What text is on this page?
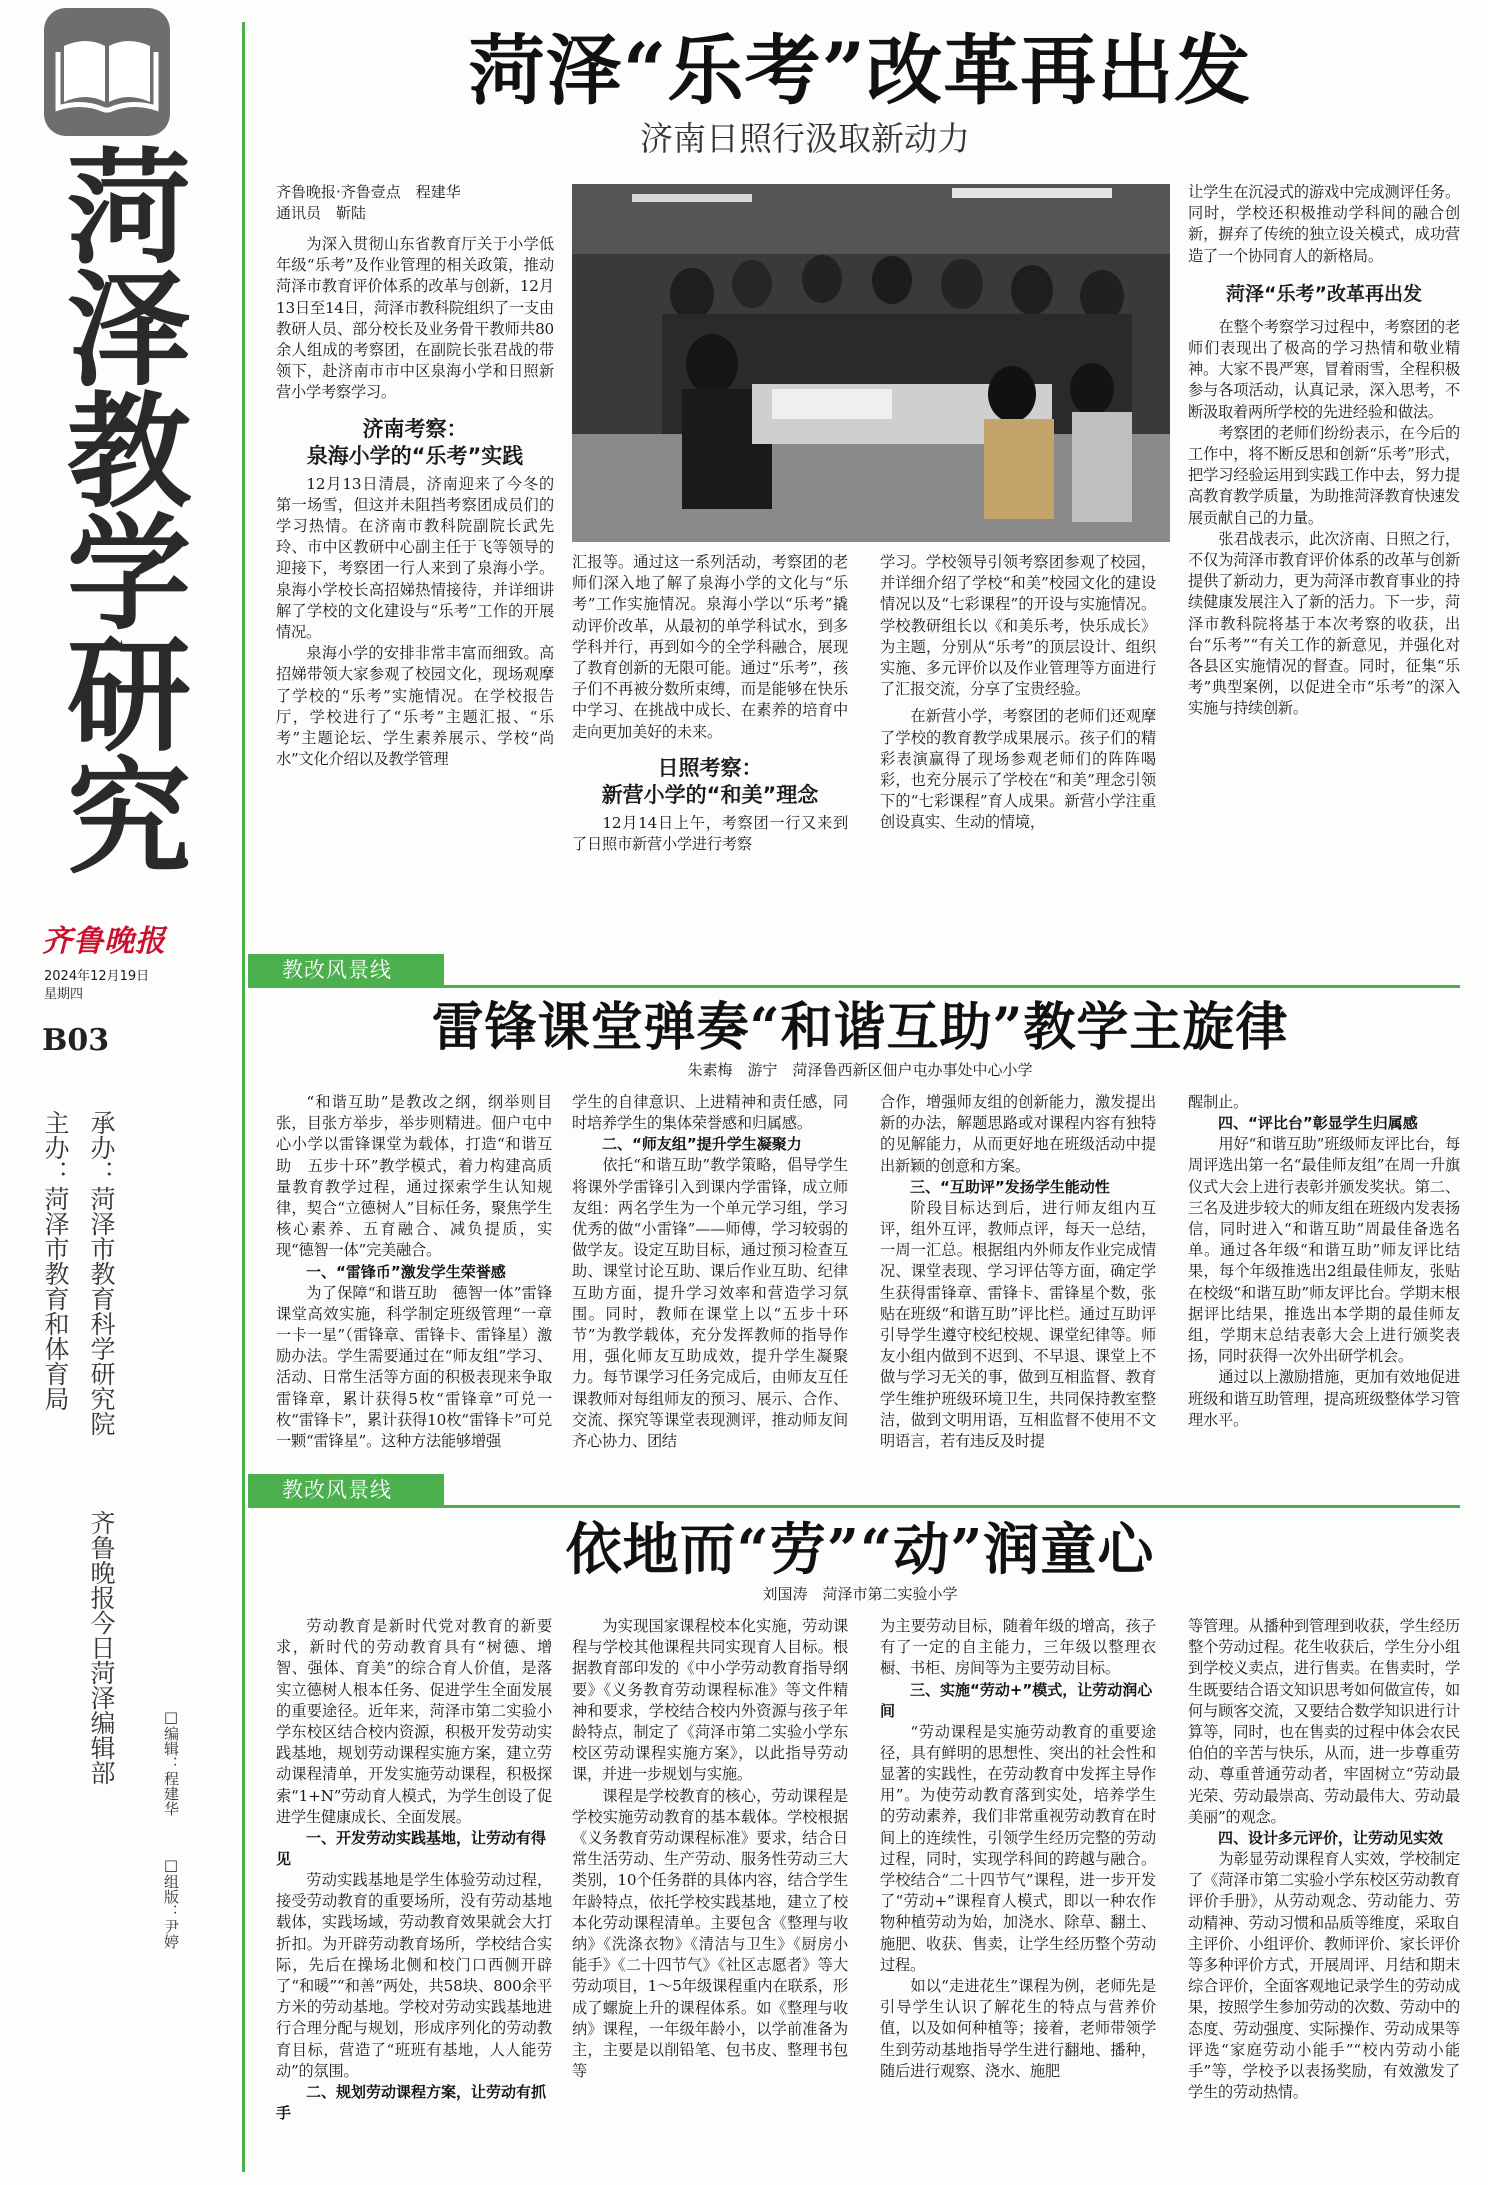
菏泽教学研究
齐鲁晚报
2024年12月19日
星期四
B03
主办：
菏泽市教育和体育局
承办：
菏泽市教育科学研究院
齐鲁晚报今日菏泽编辑部	□编辑：程建华
□组版：尹婷
菏泽“乐考”改革再出发
济南日照行汲取新动力
齐鲁晚报·齐鲁壹点　程建华
通讯员　靳陆

为深入贯彻山东省教育厅关于小学低年级“乐考”及作业管理的相关政策，推动菏泽市教育评价体系的改革与创新，12月13日至14日，菏泽市教科院组织了一支由教研人员、部分校长及业务骨干教师共80余人组成的考察团，在副院长张君战的带领下，赴济南市市中区泉海小学和日照新营小学考察学习。

济南考察：
泉海小学的“乐考”实践

12月13日清晨，济南迎来了今冬的第一场雪，但这并未阻挡考察团成员们的学习热情。在济南市教科院副院长武先玲、市中区教研中心副主任于飞等领导的迎接下，考察团一行人来到了泉海小学。泉海小学校长高招娣热情接待，并详细讲解了学校的文化建设与“乐考”工作的开展情况。

泉海小学的安排非常丰富而细致。高招娣带领大家参观了校园文化，现场观摩了学校的“乐考”实施情况。在学校报告厅，学校进行了“乐考”主题汇报、“乐考”主题论坛、学生素养展示、学校“尚水”文化介绍以及教学管理

汇报等。通过这一系列活动，考察团的老师们深入地了解了泉海小学的文化与“乐考”工作实施情况。泉海小学以“乐考”撬动评价改革，从最初的单学科试水，到多学科并行，再到如今的全学科融合，展现了教育创新的无限可能。通过“乐考”，孩子们不再被分数所束缚，而是能够在快乐中学习、在挑战中成长、在素养的培育中走向更加美好的未来。

日照考察：
新营小学的“和美”理念

12月14日上午，考察团一行又来到了日照市新营小学进行考察

学习。学校领导引领考察团参观了校园，并详细介绍了学校“和美”校园文化的建设情况以及“七彩课程”的开设与实施情况。学校教研组长以《和美乐考，快乐成长》为主题，分别从“乐考”的顶层设计、组织实施、多元评价以及作业管理等方面进行了汇报交流，分享了宝贵经验。

在新营小学，考察团的老师们还观摩了学校的教育教学成果展示。孩子们的精彩表演赢得了现场参观老师们的阵阵喝彩，也充分展示了学校在“和美”理念引领下的“七彩课程”育人成果。新营小学注重创设真实、生动的情境，

让学生在沉浸式的游戏中完成测评任务。同时，学校还积极推动学科间的融合创新，摒弃了传统的独立设关模式，成功营造了一个协同育人的新格局。

菏泽“乐考”改革再出发

在整个考察学习过程中，考察团的老师们表现出了极高的学习热情和敬业精神。大家不畏严寒，冒着雨雪，全程积极参与各项活动，认真记录，深入思考，不断汲取着两所学校的先进经验和做法。

考察团的老师们纷纷表示，在今后的工作中，将不断反思和创新“乐考”形式，把学习经验运用到实践工作中去，努力提高教育教学质量，为助推菏泽教育快速发展贡献自己的力量。

张君战表示，此次济南、日照之行，不仅为菏泽市教育评价体系的改革与创新提供了新动力，更为菏泽市教育事业的持续健康发展注入了新的活力。下一步，菏泽市教科院将基于本次考察的收获，出台“乐考”“有关工作的新意见，并强化对各县区实施情况的督查。同时，征集“乐考”典型案例，以促进全市“乐考”的深入实施与持续创新。

教改风景线
雷锋课堂弹奏“和谐互助”教学主旋律
朱素梅　游宁　菏泽鲁西新区佃户屯办事处中心小学

“和谐互助”是教改之纲，纲举则目张，目张方举步，举步则精进。佃户屯中心小学以雷锋课堂为载体，打造“和谐互助　五步十环”教学模式，着力构建高质量教育教学过程，通过探索学生认知规律，契合“立德树人”目标任务，聚焦学生核心素养、五育融合、减负提质，实现“德智一体”完美融合。

一、“雷锋币”激发学生荣誉感

为了保障“和谐互助　德智一体”雷锋课堂高效实施，科学制定班级管理“一章一卡一星”（雷锋章、雷锋卡、雷锋星）激励办法。学生需要通过在“师友组”学习、活动、日常生活等方面的积极表现来争取雷锋章，累计获得5枚“雷锋章”可兑一枚“雷锋卡”，累计获得10枚“雷锋卡”可兑一颗“雷锋星”。这种方法能够增强

学生的自律意识、上进精神和责任感，同时培养学生的集体荣誉感和归属感。

二、“师友组”提升学生凝聚力

依托“和谐互助”教学策略，倡导学生将课外学雷锋引入到课内学雷锋，成立师友组：两名学生为一个单元学习组，学习优秀的做“小雷锋”——师傅，学习较弱的做学友。设定互助目标，通过预习检查互助、课堂讨论互助、课后作业互助、纪律互助方面，提升学习效率和营造学习氛围。同时，教师在课堂上以“五步十环节”为教学载体，充分发挥教师的指导作用，强化师友互助成效，提升学生凝聚力。每节课学习任务完成后，由师友互任课教师对每组师友的预习、展示、合作、交流、探究等课堂表现测评，推动师友间齐心协力、团结

合作，增强师友组的创新能力，激发提出新的办法，解题思路或对课程内容有独特的见解能力，从而更好地在班级活动中提出新颖的创意和方案。

三、“互助评”发扬学生能动性

阶段目标达到后，进行师友组内互评，组外互评，教师点评，每天一总结，一周一汇总。根据组内外师友作业完成情况、课堂表现、学习评估等方面，确定学生获得雷锋章、雷锋卡、雷锋星个数，张贴在班级“和谐互助”评比栏。通过互助评引导学生遵守校纪校规、课堂纪律等。师友小组内做到不迟到、不早退、课堂上不做与学习无关的事，做到互相监督、教育学生维护班级环境卫生，共同保持教室整洁，做到文明用语，互相监督不使用不文明语言，若有违反及时提

醒制止。

四、“评比台”彰显学生归属感

用好“和谐互助”班级师友评比台，每周评选出第一名“最佳师友组”在周一升旗仪式大会上进行表彰并颁发奖状。第二、三名及进步较大的师友组在班级内发表扬信，同时进入“和谐互助”周最佳备选名单。通过各年级“和谐互助”师友评比结果，每个年级推选出2组最佳师友，张贴在校级“和谐互助”师友评比台。学期末根据评比结果，推选出本学期的最佳师友组，学期末总结表彰大会上进行颁奖表扬，同时获得一次外出研学机会。

通过以上激励措施，更加有效地促进班级和谐互助管理，提高班级整体学习管理水平。

教改风景线
依地而“劳”“动”润童心
刘国涛　菏泽市第二实验小学

劳动教育是新时代党对教育的新要求，新时代的劳动教育具有“树德、增智、强体、育美”的综合育人价值，是落实立德树人根本任务、促进学生全面发展的重要途径。近年来，菏泽市第二实验小学东校区结合校内资源，积极开发劳动实践基地，规划劳动课程实施方案，建立劳动课程清单，开发实施劳动课程，积极探索“1+N”劳动育人模式，为学生创设了促进学生健康成长、全面发展。

一、开发劳动实践基地，让劳动有得见

劳动实践基地是学生体验劳动过程，接受劳动教育的重要场所，没有劳动基地载体，实践场域，劳动教育效果就会大打折扣。为开辟劳动教育场所，学校结合实际，先后在操场北侧和校门口西侧开辟了“和暖”“和善”两处，共58块、800余平方米的劳动基地。学校对劳动实践基地进行合理分配与规划，形成序列化的劳动教育目标，营造了“班班有基地，人人能劳动”的氛围。

二、规划劳动课程方案，让劳动有抓手

为实现国家课程校本化实施，劳动课程与学校其他课程共同实现育人目标。根据教育部印发的《中小学劳动教育指导纲要》《义务教育劳动课程标准》等文件精神和要求，学校结合校内外资源与孩子年龄特点，制定了《菏泽市第二实验小学东校区劳动课程实施方案》，以此指导劳动课，并进一步规划与实施。

课程是学校教育的核心，劳动课程是学校实施劳动教育的基本载体。学校根据《义务教育劳动课程标准》要求，结合日常生活劳动、生产劳动、服务性劳动三大类别，10个任务群的具体内容，结合学生年龄特点，依托学校实践基地，建立了校本化劳动课程清单。主要包含《整理与收纳》《洗涤衣物》《清洁与卫生》《厨房小能手》《二十四节气》《社区志愿者》等大劳动项目，1～5年级课程重内在联系，形成了螺旋上升的课程体系。如《整理与收纳》课程，一年级年龄小，以学前准备为主，主要是以削铅笔、包书皮、整理书包等

为主要劳动目标，随着年级的增高，孩子有了一定的自主能力，三年级以整理衣橱、书柜、房间等为主要劳动目标。

三、实施“劳动+”模式，让劳动润心间

“劳动课程是实施劳动教育的重要途径，具有鲜明的思想性、突出的社会性和显著的实践性，在劳动教育中发挥主导作用”。为使劳动教育落到实处，培养学生的劳动素养，我们非常重视劳动教育在时间上的连续性，引领学生经历完整的劳动过程，同时，实现学科间的跨越与融合。学校结合“二十四节气”课程，进一步开发了“劳动+”课程育人模式，即以一种农作物种植劳动为始，加浇水、除草、翻土、施肥、收获、售卖，让学生经历整个劳动过程。

如以“走进花生”课程为例，老师先是引导学生认识了解花生的特点与营养价值，以及如何种植等；接着，老师带领学生到劳动基地指导学生进行翻地、播种，随后进行观察、浇水、施肥

等管理。从播种到管理到收获，学生经历整个劳动过程。花生收获后，学生分小组到学校义卖点，进行售卖。在售卖时，学生既要结合语文知识思考如何做宣传，如何与顾客交流，又要结合数学知识进行计算等，同时，也在售卖的过程中体会农民伯伯的辛苦与快乐，从而，进一步尊重劳动、尊重普通劳动者，牢固树立“劳动最光荣、劳动最崇高、劳动最伟大、劳动最美丽”的观念。

四、设计多元评价，让劳动见实效

为彰显劳动课程育人实效，学校制定了《菏泽市第二实验小学东校区劳动教育评价手册》，从劳动观念、劳动能力、劳动精神、劳动习惯和品质等维度，采取自主评价、小组评价、教师评价、家长评价等多种评价方式，开展周评、月结和期末综合评价，全面客观地记录学生的劳动成果，按照学生参加劳动的次数、劳动中的态度、劳动强度、实际操作、劳动成果等评选“家庭劳动小能手”“校内劳动小能手”等，学校予以表扬奖励，有效激发了学生的劳动热情。
